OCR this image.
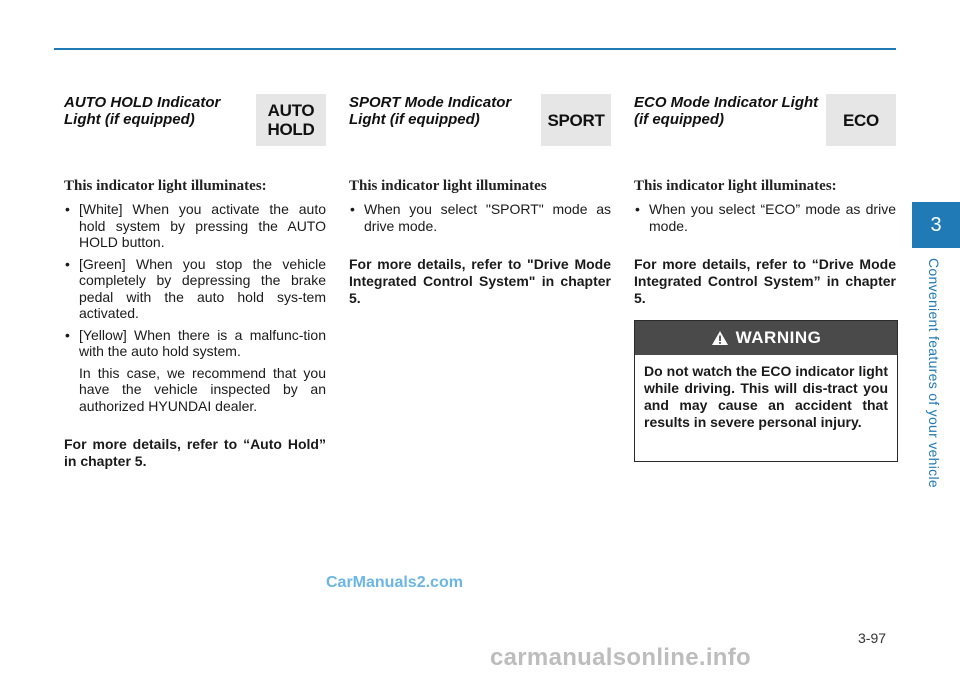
AUTO HOLD Indicator Light (if equipped)	AUTO
HOLD
This indicator light illuminates:
• [White] When you activate the auto hold system by pressing the AUTO HOLD button.
• [Green] When you stop the vehicle completely by depressing the brake pedal with the auto hold sys-tem activated.
• [Yellow] When there is a malfunc-tion with the auto hold system.
In this case, we recommend that you have the vehicle inspected by an authorized HYUNDAI dealer.
For more details, refer to “Auto Hold” in chapter 5.
SPORT Mode Indicator Light (if equipped)	SPORT
This indicator light illuminates
• When you select "SPORT" mode as drive mode.
For more details, refer to "Drive Mode Integrated Control System" in chapter 5.
ECO Mode Indicator Light (if equipped)	ECO
This indicator light illuminates:
• When you select “ECO” mode as drive mode.
For more details, refer to “Drive Mode Integrated Control System” in chapter 5.
WARNING
Do not watch the ECO indicator light while driving. This will dis-tract you and may cause an accident that results in severe personal injury.
3
Convenient features of your vehicle
CarManuals2.com
3-97
carmanualsonline.info
